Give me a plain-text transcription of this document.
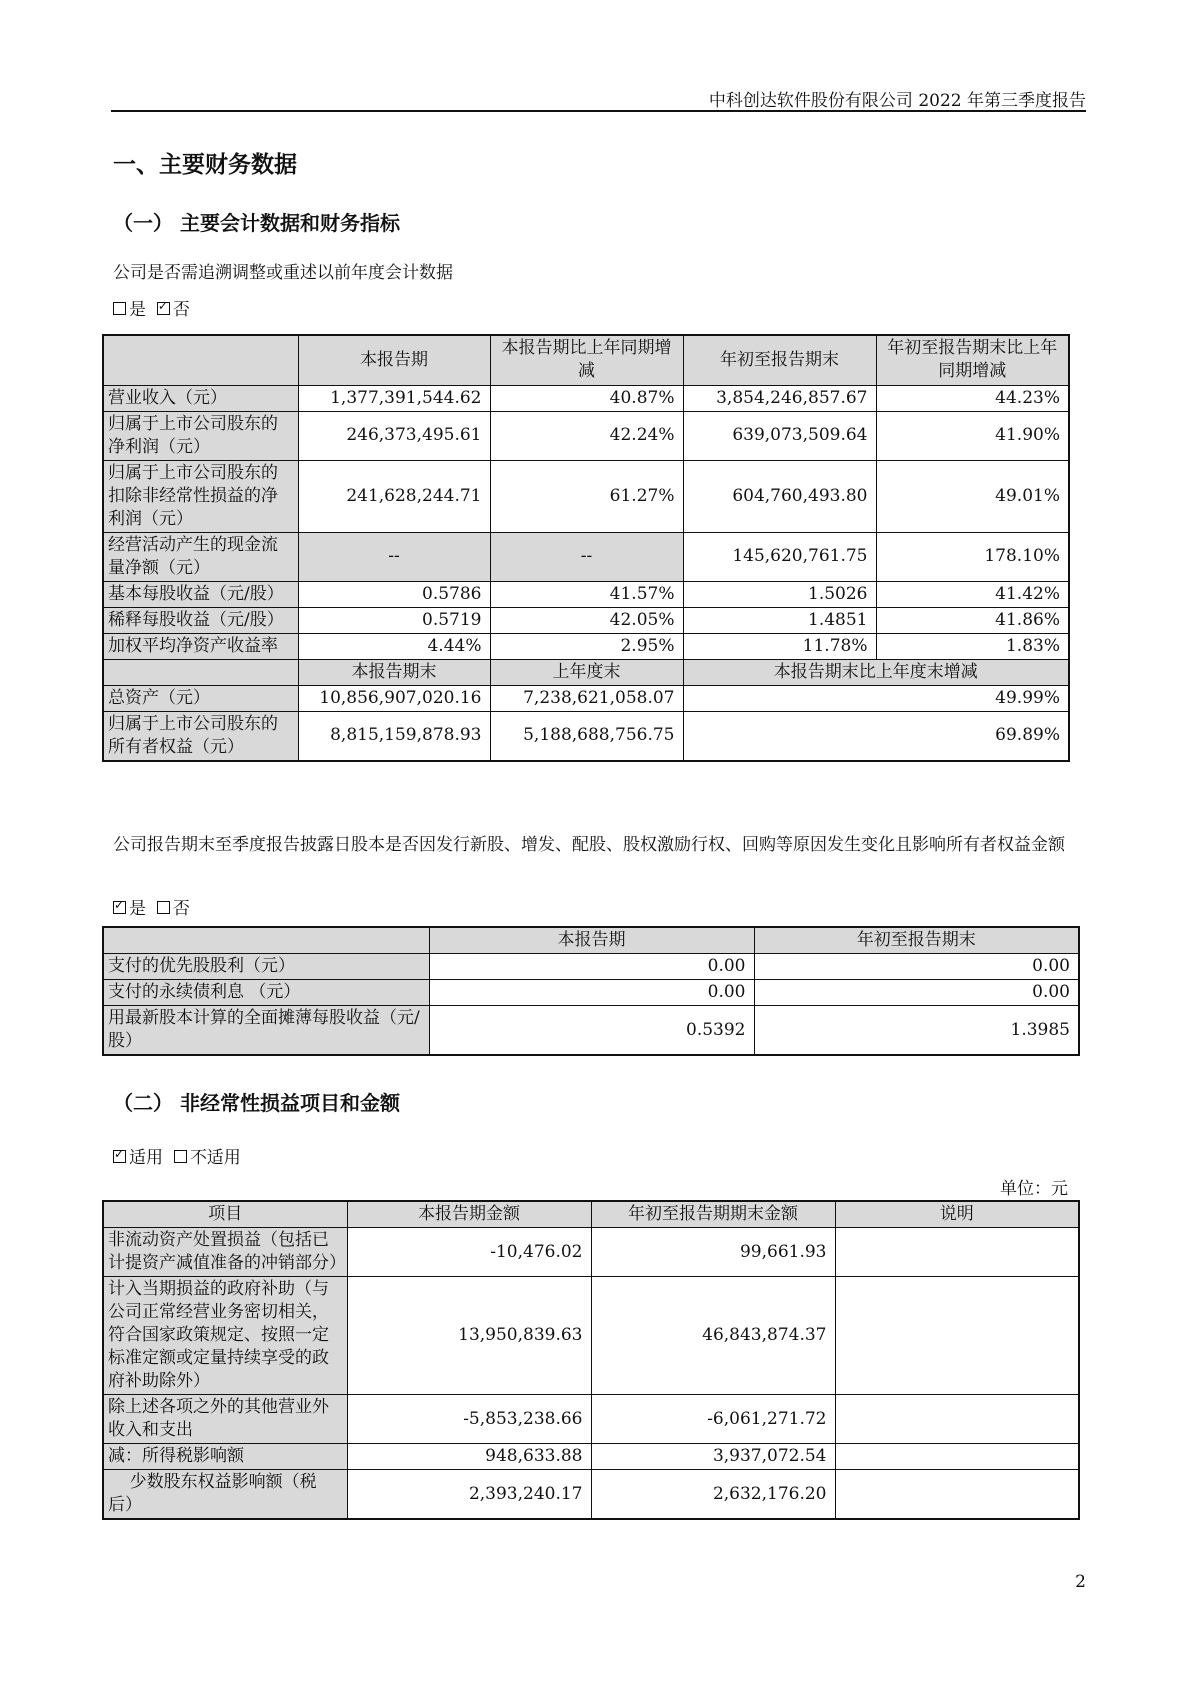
中科创达软件股份有限公司 2022 年第三季度报告
一、主要财务数据
（一） 主要会计数据和财务指标
公司是否需追溯调整或重述以前年度会计数据
是 ✓ 否
	本报告期	本报告期比上年同期增减	年初至报告期末	年初至报告期末比上年同期增减
营业收入（元）	1,377,391,544.62	40.87%	3,854,246,857.67	44.23%
归属于上市公司股东的净利润（元）	246,373,495.61	42.24%	639,073,509.64	41.90%
归属于上市公司股东的扣除非经常性损益的净利润（元）	241,628,244.71	61.27%	604,760,493.80	49.01%
经营活动产生的现金流量净额（元）	--	--	145,620,761.75	178.10%
基本每股收益（元/股）	0.5786	41.57%	1.5026	41.42%
稀释每股收益（元/股）	0.5719	42.05%	1.4851	41.86%
加权平均净资产收益率	4.44%	2.95%	11.78%	1.83%
	本报告期末	上年度末	本报告期末比上年度末增减	
总资产（元）	10,856,907,020.16	7,238,621,058.07	49.99%	
归属于上市公司股东的所有者权益（元）	8,815,159,878.93	5,188,688,756.75	69.89%	
公司报告期末至季度报告披露日股本是否因发行新股、增发、配股、股权激励行权、回购等原因发生变化且影响所有者权益金额
✓是 否
	本报告期	年初至报告期末
支付的优先股股利（元）	0.00	0.00
支付的永续债利息 （元）	0.00	0.00
用最新股本计算的全面摊薄每股收益（元/股）	0.5392	1.3985
（二） 非经常性损益项目和金额
✓适用 不适用
单位：元
项目	本报告期金额	年初至报告期期末金额	说明
非流动资产处置损益（包括已计提资产减值准备的冲销部分）	-10,476.02	99,661.93	
计入当期损益的政府补助（与公司正常经营业务密切相关，符合国家政策规定、按照一定标准定额或定量持续享受的政府补助除外）	13,950,839.63	46,843,874.37	
除上述各项之外的其他营业外收入和支出	-5,853,238.66	-6,061,271.72	
减：所得税影响额	948,633.88	3,937,072.54	
少数股东权益影响额（税后）	2,393,240.17	2,632,176.20	
2
